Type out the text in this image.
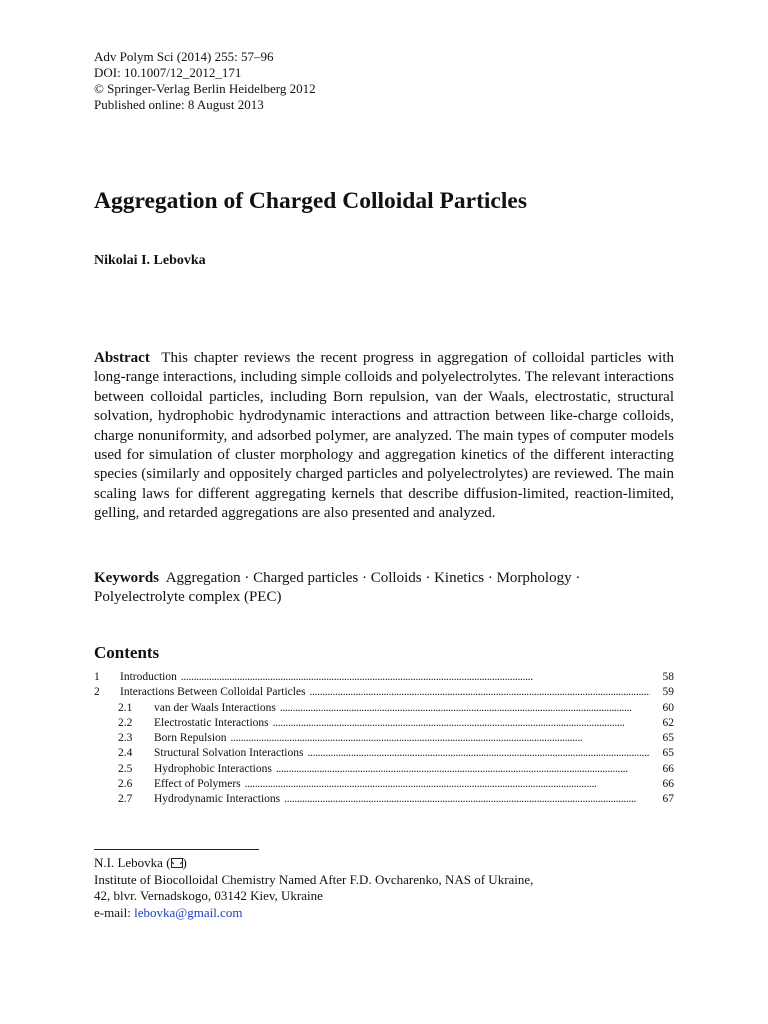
Adv Polym Sci (2014) 255: 57–96
DOI: 10.1007/12_2012_171
© Springer-Verlag Berlin Heidelberg 2012
Published online: 8 August 2013
Aggregation of Charged Colloidal Particles
Nikolai I. Lebovka

Abstract This chapter reviews the recent progress in aggregation of colloidal particles with long-range interactions, including simple colloids and polyelectrolytes. The relevant interactions between colloidal particles, including Born repulsion, van der Waals, electrostatic, structural solvation, hydrophobic hydrodynamic interactions and attraction between like-charge colloids, charge nonuniformity, and adsorbed polymer, are analyzed. The main types of computer models used for simulation of cluster morphology and aggregation kinetics of the different interacting species (similarly and oppositely charged particles and polyelectrolytes) are reviewed. The main scaling laws for different aggregating kernels that describe diffusion-limited, reaction-limited, gelling, and retarded aggregations are also presented and analyzed.

Keywords Aggregation · Charged particles · Colloids · Kinetics · Morphology · Polyelectrolyte complex (PEC)

Contents
1	Introduction . . .	58
2	Interactions Between Colloidal Particles . . .	59
2.1	van der Waals Interactions . . .	60
2.2	Electrostatic Interactions . . .	62
2.3	Born Repulsion . . .	65
2.4	Structural Solvation Interactions . . .	65
2.5	Hydrophobic Interactions . . .	66
2.6	Effect of Polymers . . .	66
2.7	Hydrodynamic Interactions . . .	67
N.I. Lebovka ( )
Institute of Biocolloidal Chemistry Named After F.D. Ovcharenko, NAS of Ukraine,
42, blvr. Vernadskogo, 03142 Kiev, Ukraine
e-mail: lebovka@gmail.com
